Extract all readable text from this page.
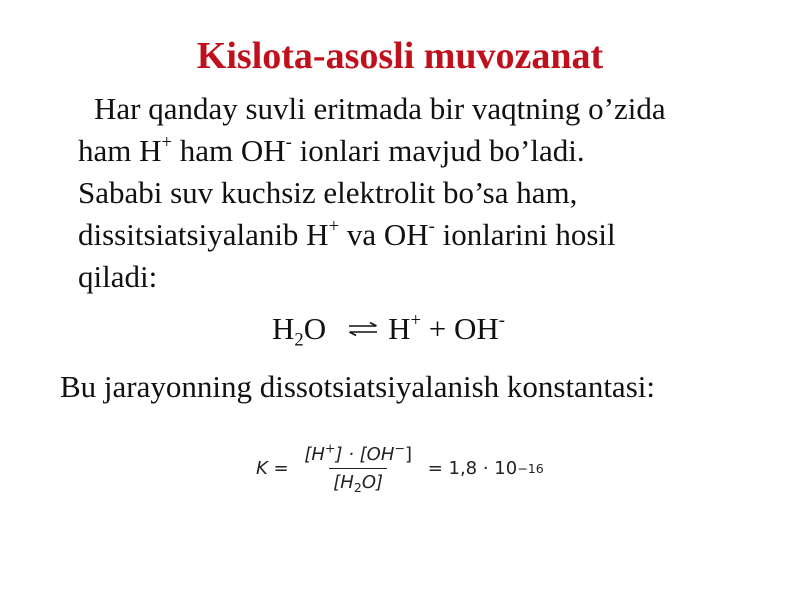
Kislota-asosli muvozanat
Har qanday suvli eritmada bir vaqtning o’zida
ham H+ ham OH- ionlari mavjud bo’ladi.
Sababi suv kuchsiz elektrolit bo’sa ham,
dissitsiatsiyalanib H+ va OH- ionlarini hosil
qiladi:
$H_2O$ ⇌ H+ + OH-
Bu jarayonning dissotsiatsiyalanish konstantasi:
$K = \frac{[H^+] \cdot [OH^-]}{[H_2O]} = 1,8 \cdot 10 -16$
